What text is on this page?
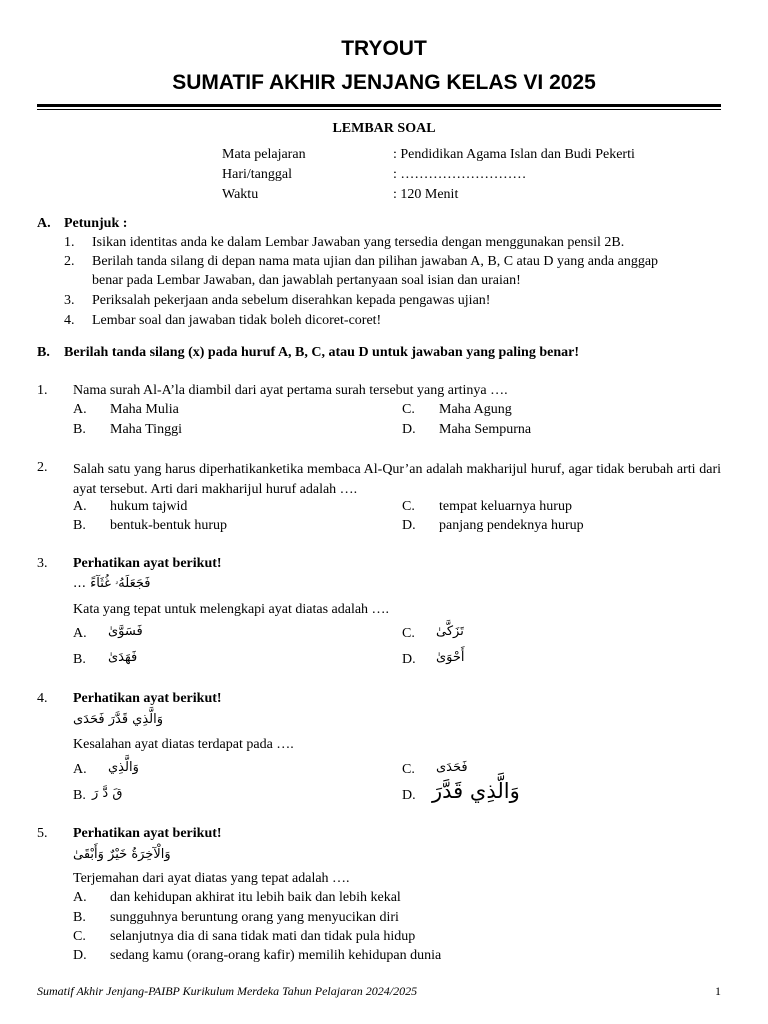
TRYOUT
SUMATIF AKHIR JENJANG KELAS VI 2025
LEMBAR SOAL
Mata pelajaran	: Pendidikan Agama Islan dan Budi Pekerti
Hari/tanggal	: ………………………
Waktu	: 120 Menit
A. Petunjuk :
1. Isikan identitas anda ke dalam Lembar Jawaban yang tersedia dengan menggunakan pensil 2B.
2. Berilah tanda silang di depan nama mata ujian dan pilihan jawaban A, B, C atau D yang anda anggap
benar pada Lembar Jawaban, dan jawablah pertanyaan soal isian dan uraian!
3. Periksalah pekerjaan anda sebelum diserahkan kepada pengawas ujian!
4. Lembar soal dan jawaban tidak boleh dicoret-coret!
B. Berilah tanda silang (x) pada huruf A, B, C, atau D untuk jawaban yang paling benar!
1. Nama surah Al-A’la diambil dari ayat pertama surah tersebut yang artinya ….
A. Maha Mulia	C. Maha Agung
B. Maha Tinggi	D. Maha Sempurna
2. Salah satu yang harus diperhatikanketika membaca Al-Qur’an adalah makharijul huruf, agar tidak berubah arti dari ayat tersebut. Arti dari makharijul huruf adalah ….
A. hukum tajwid	C. tempat keluarnya hurup
B. bentuk-bentuk hurup	D. panjang pendeknya hurup
3. Perhatikan ayat berikut!
فَجَعَلَهُۥ غُثَآءً …
Kata yang tepat untuk melengkapi ayat diatas adalah ….
A. فَسَوَّىٰ	C. تَزَكَّىٰ
B. فَهَدَىٰ	D. أَحْوَىٰ
4. Perhatikan ayat berikut!
وَالَّذِي قَدَّرَ فَحَدَى
Kesalahan ayat diatas terdapat pada ….
A. وَالَّذِي	C. فَحَدَى
B. قَ دَّ رَ	D. وَالَّذِي قَدَّرَ
5. Perhatikan ayat berikut!
وَالْآخِرَةُ خَيْرٌ وَأَبْقَىٰ
Terjemahan dari ayat diatas yang tepat adalah ….
A. dan kehidupan akhirat itu lebih baik dan lebih kekal
B. sungguhnya beruntung orang yang menyucikan diri
C. selanjutnya dia di sana tidak mati dan tidak pula hidup
D. sedang kamu (orang-orang kafir) memilih kehidupan dunia
Sumatif Akhir Jenjang-PAIBP Kurikulum Merdeka Tahun Pelajaran 2024/2025	1
